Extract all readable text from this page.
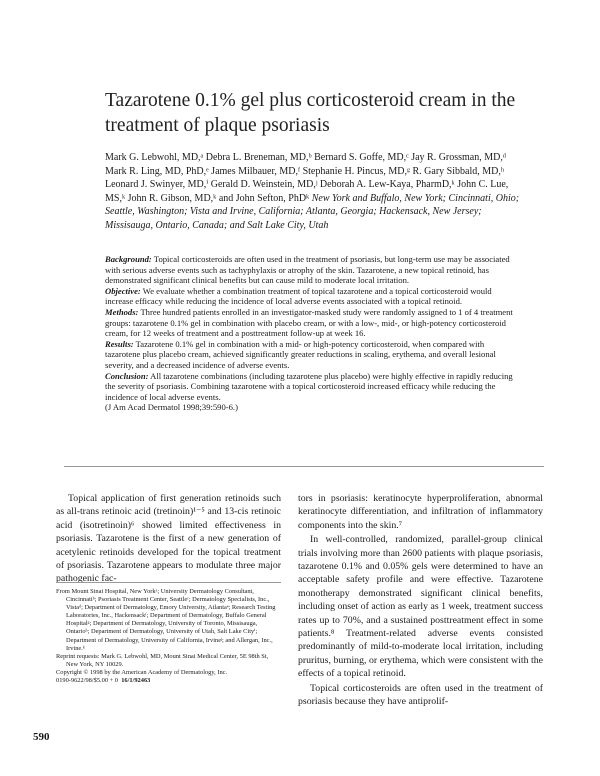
Tazarotene 0.1% gel plus corticosteroid cream in the treatment of plaque psoriasis
Mark G. Lebwohl, MD,ᵃ Debra L. Breneman, MD,ᵇ Bernard S. Goffe, MD,ᶜ Jay R. Grossman, MD,ᵈ Mark R. Ling, MD, PhD,ᵉ James Milbauer, MD,ᶠ Stephanie H. Pincus, MD,ᵍ R. Gary Sibbald, MD,ʰ Leonard J. Swinyer, MD,ⁱ Gerald D. Weinstein, MD,ʲ Deborah A. Lew-Kaya, PharmD,ᵏ John C. Lue, MS,ᵏ John R. Gibson, MD,ᵏ and John Sefton, PhDᵏ New York and Buffalo, New York; Cincinnati, Ohio; Seattle, Washington; Vista and Irvine, California; Atlanta, Georgia; Hackensack, New Jersey; Missisauga, Ontario, Canada; and Salt Lake City, Utah

Background: Topical corticosteroids are often used in the treatment of psoriasis, but long-term use may be associated with serious adverse events such as tachyphylaxis or atrophy of the skin. Tazarotene, a new topical retinoid, has demonstrated significant clinical benefits but can cause mild to moderate local irritation.

Objective: We evaluate whether a combination treatment of topical tazarotene and a topical corticosteroid would increase efficacy while reducing the incidence of local adverse events associated with a topical retinoid.

Methods: Three hundred patients enrolled in an investigator-masked study were randomly assigned to 1 of 4 treatment groups: tazarotene 0.1% gel in combination with placebo cream, or with a low-, mid-, or high-potency corticosteroid cream, for 12 weeks of treatment and a posttreatment follow-up at week 16.

Results: Tazarotene 0.1% gel in combination with a mid- or high-potency corticosteroid, when compared with tazarotene plus placebo cream, achieved significantly greater reductions in scaling, erythema, and overall lesional severity, and a decreased incidence of adverse events.

Conclusion: All tazarotene combinations (including tazarotene plus placebo) were highly effective in rapidly reducing the severity of psoriasis. Combining tazarotene with a topical corticosteroid increased efficacy while reducing the incidence of local adverse events.

(J Am Acad Dermatol 1998;39:590-6.)

Topical application of first generation retinoids such as all-trans retinoic acid (tretinoin)¹⁻⁵ and 13-cis retinoic acid (isotretinoin)⁶ showed limited effectiveness in psoriasis. Tazarotene is the first of a new generation of acetylenic retinoids developed for the topical treatment of psoriasis. Tazarotene appears to modulate three major pathogenic fac-

From Mount Sinai Hospital, New Yorkᵃ; University Dermatology Consultant, Cincinnatiᵇ; Psoriasis Treatment Center, Seattleᶜ; Dermatology Specialists, Inc., Vistaᵈ; Department of Dermatology, Emory University, Atlantaᵉ; Research Testing Laboratories, Inc., Hackensackᶠ; Department of Dermatology, Buffalo General Hospitalᵍ; Department of Dermatology, University of Toronto, Missisauga, Ontarioʰ; Department of Dermatology, University of Utah, Salt Lake Cityⁱ; Department of Dermatology, University of California, Irvineʲ; and Allergan, Inc., Irvine.ᵏ

Reprint requests: Mark G. Lebwohl, MD, Mount Sinai Medical Center, 5E 98th St, New York, NY 10029.

Copyright © 1998 by the American Academy of Dermatology, Inc.

0190-9622/98/$5.00 + 0 16/1/92463

tors in psoriasis: keratinocyte hyperproliferation, abnormal keratinocyte differentiation, and infiltration of inflammatory components into the skin.⁷

In well-controlled, randomized, parallel-group clinical trials involving more than 2600 patients with plaque psoriasis, tazarotene 0.1% and 0.05% gels were determined to have an acceptable safety profile and were effective. Tazarotene monotherapy demonstrated significant clinical benefits, including onset of action as early as 1 week, treatment success rates up to 70%, and a sustained posttreatment effect in some patients.⁸ Treatment-related adverse events consisted predominantly of mild-to-moderate local irritation, including pruritus, burning, or erythema, which were consistent with the effects of a topical retinoid.

Topical corticosteroids are often used in the treatment of psoriasis because they have antiprolif-

590
